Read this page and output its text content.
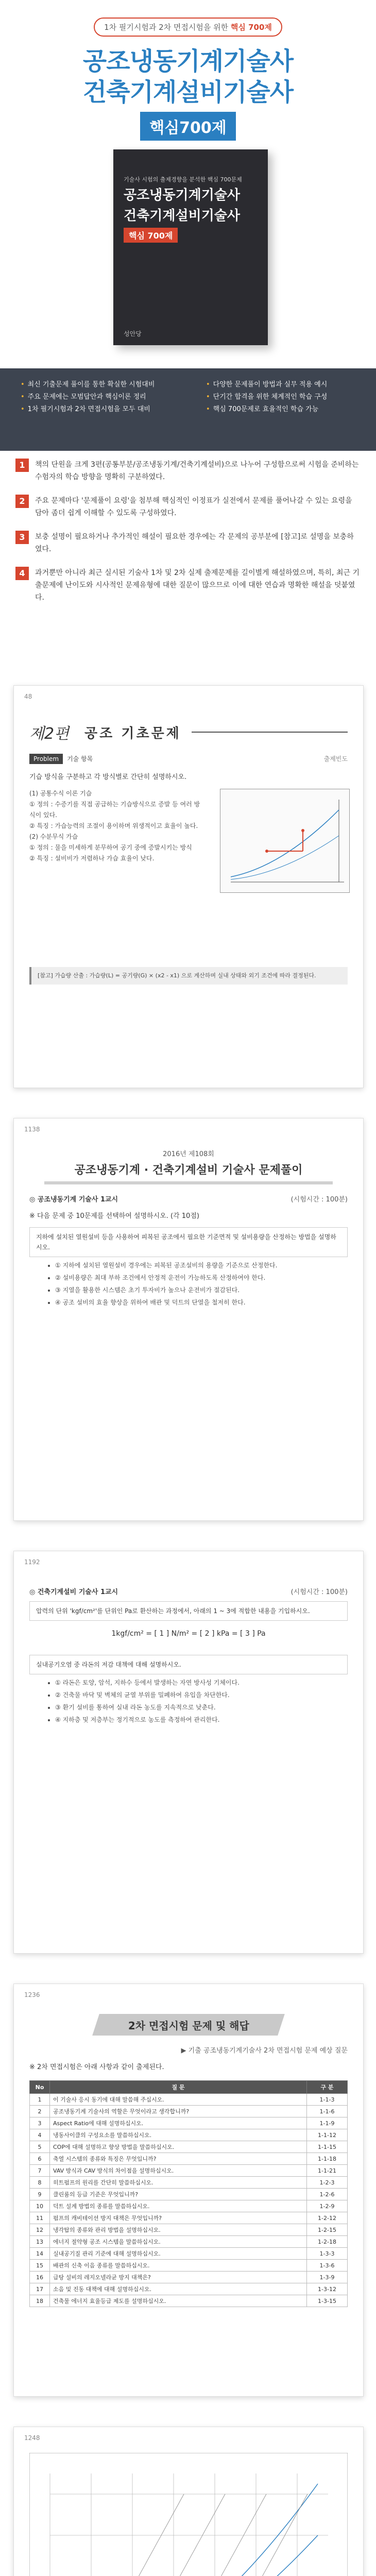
1차 필기시험과 2차 면접시험을 위한 핵심 700제
공조냉동기계기술사
건축기계설비기술사
핵심700제
기술사 시험의 출제경향을 분석한 핵심 700문제
공조냉동기계기술사
건축기계설비기술사
핵심 700제
성안당
• 최신 기출문제 풀이를 통한 확실한 시험대비
• 주요 문제에는 모범답안과 핵심이론 정리
• 1차 필기시험과 2차 면접시험을 모두 대비
• 다양한 문제풀이 방법과 실무 적용 예시
• 단기간 합격을 위한 체계적인 학습 구성
• 핵심 700문제로 효율적인 학습 가능
1	책의 단원을 크게 3편(공통부분/공조냉동기계/건축기계설비)으로 나누어 구성함으로써 시험을 준비하는 수험자의 학습 방향을 명확히 구분하였다.
2	주요 문제마다 '문제풀이 요령'을 첨부해 핵심적인 이정표가 실전에서 문제를 풀어나갈 수 있는 요령을 담아 좀더 쉽게 이해할 수 있도록 구성하였다.
3	보충 설명이 필요하거나 추가적인 해설이 필요한 경우에는 각 문제의 공부분에 [참고]로 설명을 보충하였다.
4	과거뿐만 아니라 최근 실시된 기술사 1차 및 2차 실제 출제문제를 길이별게 해설하였으며, 특히, 최근 기출문제에 난이도와 시사적인 문제유형에 대한 질문이 많으므로 이에 대한 연습과 명확한 해설을 덧붙였다.
48
제2편 공조 기초문제
Problem	기술 항목	출제빈도
기습 방식을 구분하고 각 방식별로 간단히 설명하시오.
(1) 공통수식 이론 기습
① 정의 : 수증기를 직접 공급하는 기습방식으로 증발 등 여러 방식이 있다.
② 특징 : 가습능력의 조절이 용이하며 위생적이고 효율이 높다.
(2) 수분무식 가습
① 정의 : 물을 미세하게 분무하여 공기 중에 증발시키는 방식
② 특징 : 설비비가 저렴하나 가습 효율이 낮다.
[참고] 가습량 산출 : 가습량(L) = 공기량(G) × (x2 - x1) 으로 계산하며 실내 상태와 외기 조건에 따라 결정된다.
1138
2016년 제108회
공조냉동기계 · 건축기계설비 기술사 문제풀이
◎ 공조냉동기계 기술사 1교시	(시험시간 : 100분)
※ 다음 문제 중 10문제를 선택하여 설명하시오. (각 10점)
지하에 설치된 열원설비 등을 사용하여 피복된 공조에서 필요한 기준면적 및 설비용량을 산정하는 방법을 설명하시오.
• ① 지하에 설치된 열원설비 경우에는 피복된 공조설비의 용량을 기준으로 산정한다.
• ② 설비용량은 최대 부하 조건에서 안정적 운전이 가능하도록 산정하여야 한다.
• ③ 지열을 활용한 시스템은 초기 투자비가 높으나 운전비가 절감된다.
• ④ 공조 설비의 효율 향상을 위하여 배관 및 덕트의 단열을 철저히 한다.
1192
◎ 건축기계설비 기술사 1교시	(시험시간 : 100분)
압력의 단위 'kgf/cm²'를 단위인 Pa로 환산하는 과정에서, 아래의 1 ~ 3에 적합한 내용을 기입하시오.
1kgf/cm² = [ 1 ] N/m² = [ 2 ] kPa = [ 3 ] Pa
실내공기오염 중 라돈의 저감 대책에 대해 설명하시오.
• ① 라돈은 토양, 암석, 지하수 등에서 발생하는 자연 방사성 기체이다.
• ② 건축물 바닥 및 벽체의 균열 부위를 밀폐하여 유입을 차단한다.
• ③ 환기 설비를 통하여 실내 라돈 농도를 지속적으로 낮춘다.
• ④ 지하층 및 저층부는 정기적으로 농도를 측정하여 관리한다.
1236
2차 면접시험 문제 및 해답
▶ 기출 공조냉동기계기술사 2차 면접시험 문제 예상 질문
※ 2차 면접시험은 아래 사항과 같이 출제된다.
No	질 문	구 분
1	이 기술사 응시 동기에 대해 말씀해 주십시오.	1-1-3
2	공조냉동기계 기술사의 역할은 무엇이라고 생각합니까?	1-1-6
3	Aspect Ratio에 대해 설명하십시오.	1-1-9
4	냉동사이클의 구성요소를 말씀하십시오.	1-1-12
5	COP에 대해 설명하고 향상 방법을 말씀하십시오.	1-1-15
6	축열 시스템의 종류와 특징은 무엇입니까?	1-1-18
7	VAV 방식과 CAV 방식의 차이점을 설명하십시오.	1-1-21
8	히트펌프의 원리를 간단히 말씀하십시오.	1-2-3
9	클린룸의 등급 기준은 무엇입니까?	1-2-6
10	덕트 설계 방법의 종류를 말씀하십시오.	1-2-9
11	펌프의 캐비테이션 방지 대책은 무엇입니까?	1-2-12
12	냉각탑의 종류와 관리 방법을 설명하십시오.	1-2-15
13	에너지 절약형 공조 시스템을 말씀하십시오.	1-2-18
14	실내공기질 관리 기준에 대해 설명하십시오.	1-3-3
15	배관의 신축 이음 종류를 말씀하십시오.	1-3-6
16	급탕 설비의 레지오넬라균 방지 대책은?	1-3-9
17	소음 및 진동 대책에 대해 설명하십시오.	1-3-12
18	건축물 에너지 효율등급 제도를 설명하십시오.	1-3-15
1248
